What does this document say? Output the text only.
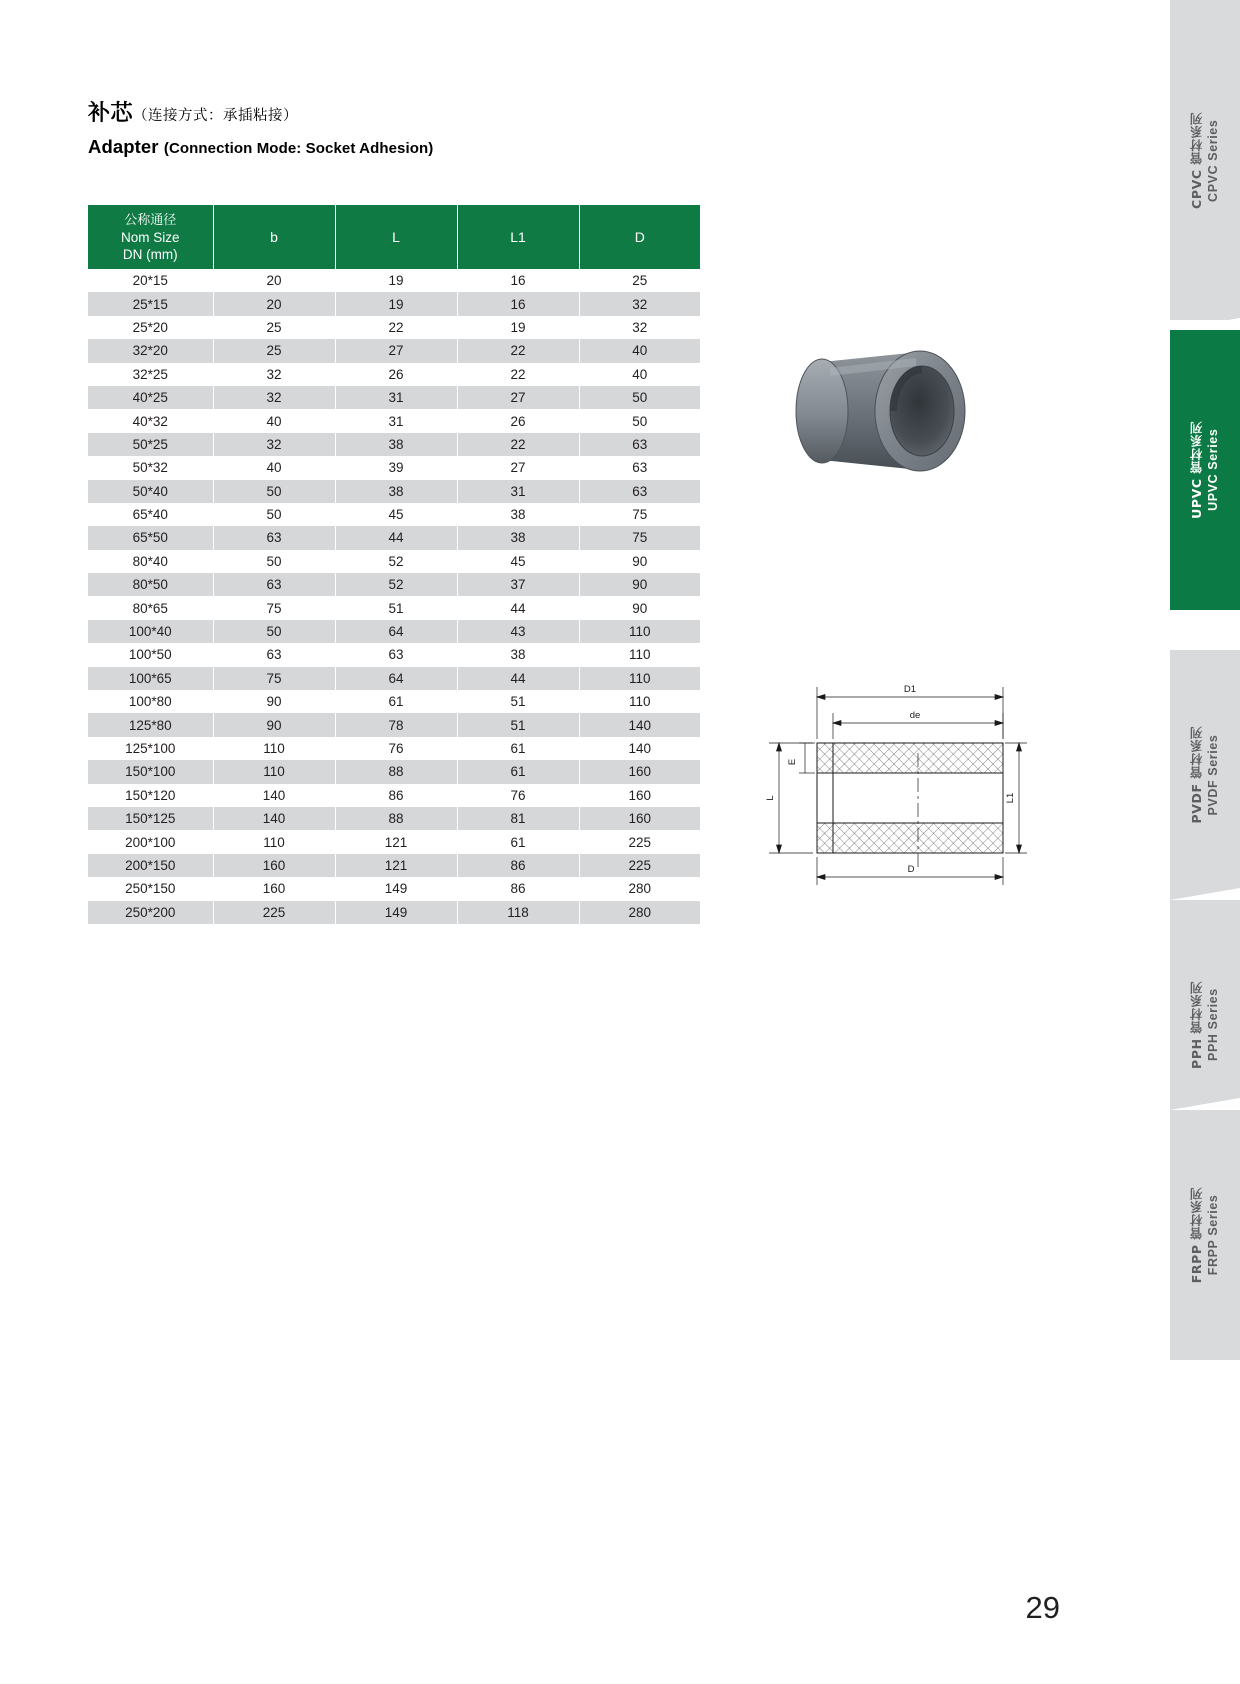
补芯（连接方式：承插粘接）
Adapter (Connection Mode: Socket Adhesion)
公称通径
Nom Size
DN (mm)	b	L	L1	D
20*15	20	19	16	25
25*15	20	19	16	32
25*20	25	22	19	32
32*20	25	27	22	40
32*25	32	26	22	40
40*25	32	31	27	50
40*32	40	31	26	50
50*25	32	38	22	63
50*32	40	39	27	63
50*40	50	38	31	63
65*40	50	45	38	75
65*50	63	44	38	75
80*40	50	52	45	90
80*50	63	52	37	90
80*65	75	51	44	90
100*40	50	64	43	110
100*50	63	63	38	110
100*65	75	64	44	110
100*80	90	61	51	110
125*80	90	78	51	140
125*100	110	76	61	140
150*100	110	88	61	160
150*120	140	86	76	160
150*125	140	88	81	160
200*100	110	121	61	225
200*150	160	121	86	225
250*150	160	149	86	280
250*200	225	149	118	280
D1
de
E
L	L1
D
29
CPVC 管材系列 CPVC Series
UPVC 管材系列 UPVC Series
PVDF 管材系列 PVDF Series
PPH 管材系列 PPH Series
FRPP 管材系列 FRPP Series
